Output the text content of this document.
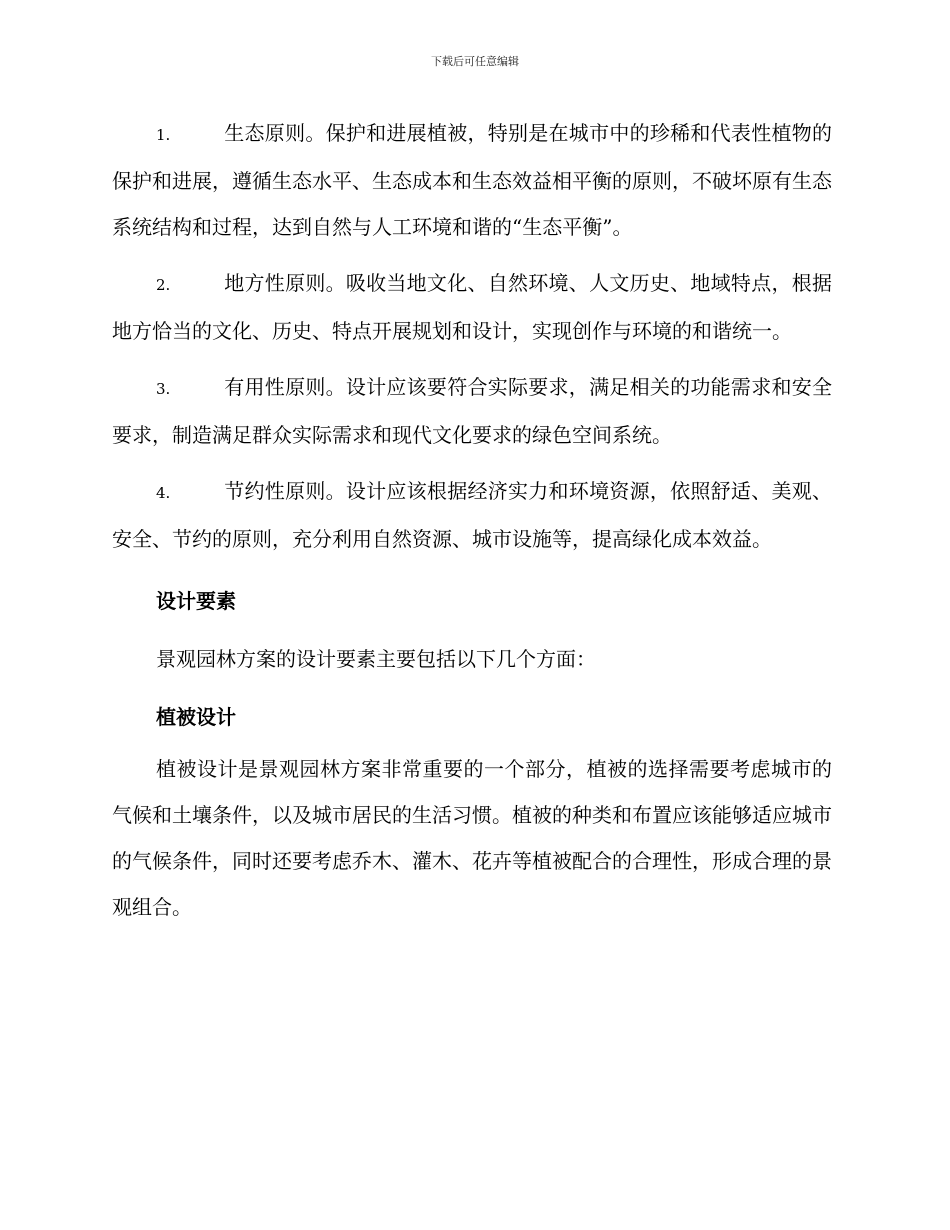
下载后可任意编辑

1.	生态原则。保护和进展植被，特别是在城市中的珍稀和代表性植物的保护和进展，遵循生态水平、生态成本和生态效益相平衡的原则，不破坏原有生态系统结构和过程，达到自然与人工环境和谐的“生态平衡”。

2.	地方性原则。吸收当地文化、自然环境、人文历史、地域特点，根据地方恰当的文化、历史、特点开展规划和设计，实现创作与环境的和谐统一。

3.	有用性原则。设计应该要符合实际要求，满足相关的功能需求和安全要求，制造满足群众实际需求和现代文化要求的绿色空间系统。

4.	节约性原则。设计应该根据经济实力和环境资源，依照舒适、美观、安全、节约的原则，充分利用自然资源、城市设施等，提高绿化成本效益。

设计要素

景观园林方案的设计要素主要包括以下几个方面：

植被设计

植被设计是景观园林方案非常重要的一个部分，植被的选择需要考虑城市的气候和土壤条件，以及城市居民的生活习惯。植被的种类和布置应该能够适应城市的气候条件，同时还要考虑乔木、灌木、花卉等植被配合的合理性，形成合理的景观组合。
